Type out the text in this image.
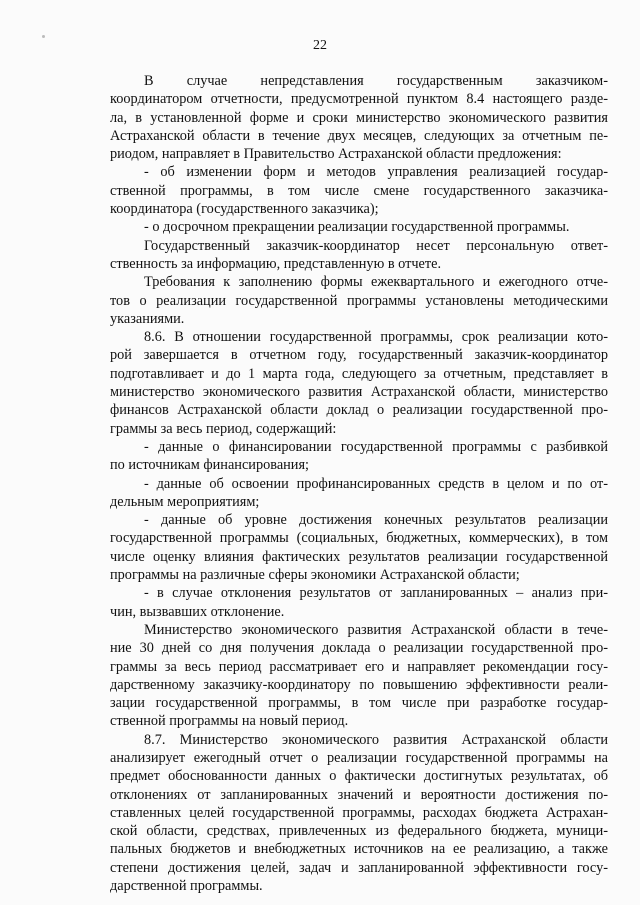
22
В случае непредставления государственным заказчиком-
координатором отчетности, предусмотренной пунктом 8.4 настоящего разде-
ла, в установленной форме и сроки министерство экономического развития
Астраханской области в течение двух месяцев, следующих за отчетным пе-
риодом, направляет в Правительство Астраханской области предложения:
- об изменении форм и методов управления реализацией государ-
ственной программы, в том числе смене государственного заказчика-
координатора (государственного заказчика);
- о досрочном прекращении реализации государственной программы.
Государственный заказчик-координатор несет персональную ответ-
ственность за информацию, представленную в отчете.
Требования к заполнению формы ежеквартального и ежегодного отче-
тов о реализации государственной программы установлены методическими
указаниями.
8.6. В отношении государственной программы, срок реализации кото-
рой завершается в отчетном году, государственный заказчик-координатор
подготавливает и до 1 марта года, следующего за отчетным, представляет в
министерство экономического развития Астраханской области, министерство
финансов Астраханской области доклад о реализации государственной про-
граммы за весь период, содержащий:
- данные о финансировании государственной программы с разбивкой
по источникам финансирования;
- данные об освоении профинансированных средств в целом и по от-
дельным мероприятиям;
- данные об уровне достижения конечных результатов реализации
государственной программы (социальных, бюджетных, коммерческих), в том
числе оценку влияния фактических результатов реализации государственной
программы на различные сферы экономики Астраханской области;
- в случае отклонения результатов от запланированных – анализ при-
чин, вызвавших отклонение.
Министерство экономического развития Астраханской области в тече-
ние 30 дней со дня получения доклада о реализации государственной про-
граммы за весь период рассматривает его и направляет рекомендации госу-
дарственному заказчику-координатору по повышению эффективности реали-
зации государственной программы, в том числе при разработке государ-
ственной программы на новый период.
8.7. Министерство экономического развития Астраханской области
анализирует ежегодный отчет о реализации государственной программы на
предмет обоснованности данных о фактически достигнутых результатах, об
отклонениях от запланированных значений и вероятности достижения по-
ставленных целей государственной программы, расходах бюджета Астрахан-
ской области, средствах, привлеченных из федерального бюджета, муници-
пальных бюджетов и внебюджетных источников на ее реализацию, а также
степени достижения целей, задач и запланированной эффективности госу-
дарственной программы.
